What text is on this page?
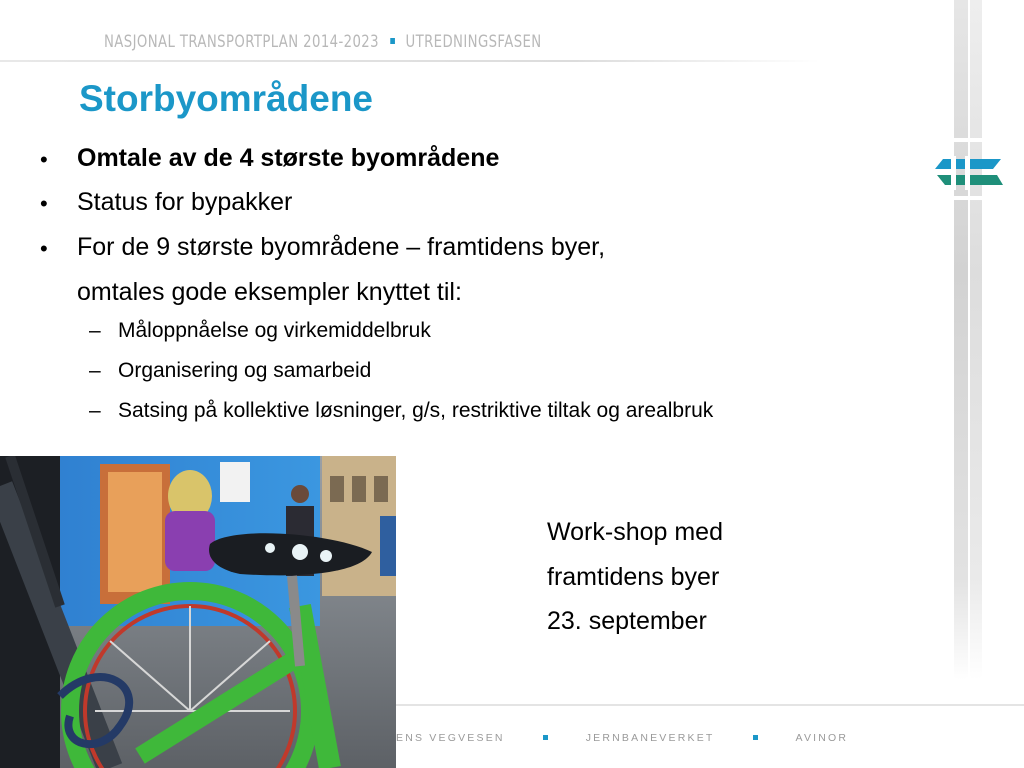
NASJONAL TRANSPORTPLAN 2014-2023 UTREDNINGSFASEN
Storbyområdene
• Omtale av de 4 største byområdene
• Status for bypakker
• For de 9 største byområdene – framtidens byer,
omtales gode eksempler knyttet til:
– Måloppnåelse og virkemiddelbruk
– Organisering og samarbeid
– Satsing på kollektive løsninger, g/s, restriktive tiltak og arealbruk
Work-shop med
framtidens byer
23. september
ENS VEGVESEN	JERNBANEVERKET	AVINOR
